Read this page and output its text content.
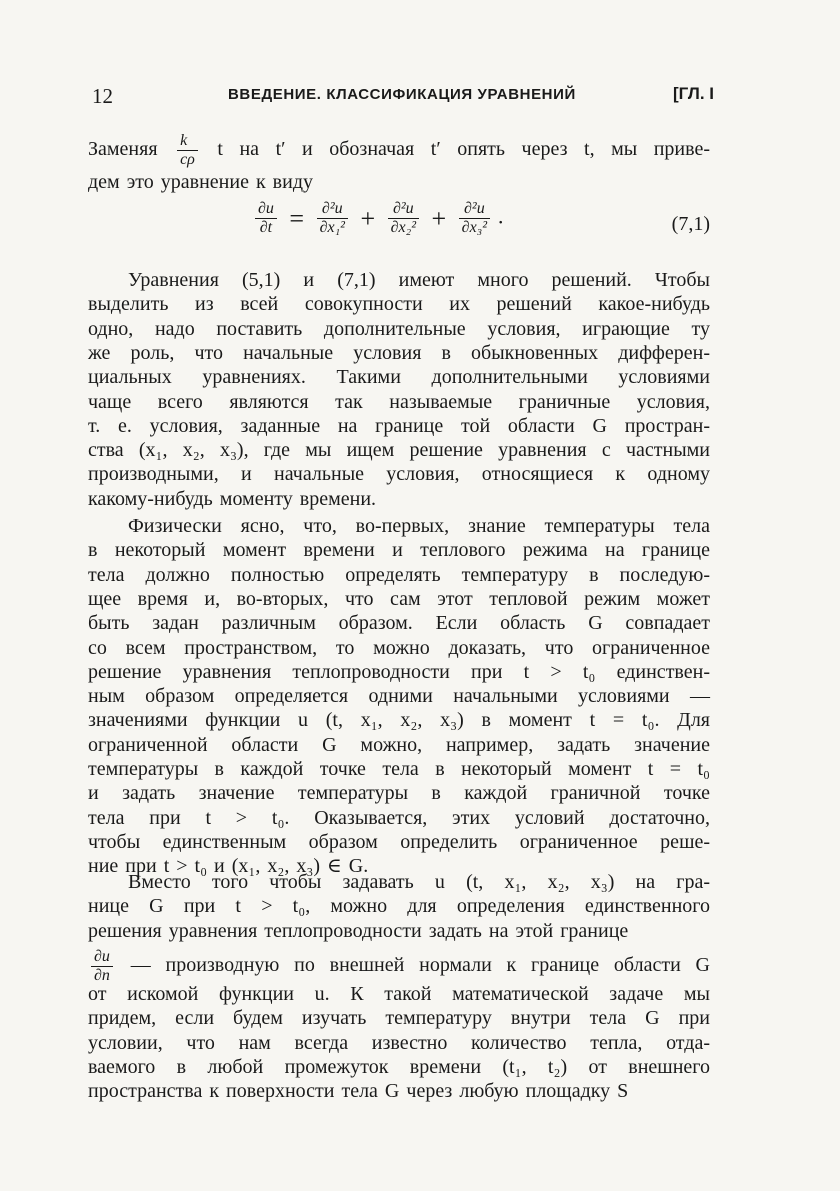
12	ВВЕДЕНИЕ. КЛАССИФИКАЦИЯ УРАВНЕНИЙ	[ГЛ. I
Заменяя $\frac{k}{c\rho}$ t на t′ и обозначая t′ опять через t, мы приве-
дем это уравнение к виду
$\frac{\partial u}{\partial t} = \frac{\text{∂²u}}{\text{∂x₁²}} + \frac{\text{∂²u}}{\text{∂x₂²}} + \frac{\text{∂²u}}{\text{∂x₃²}}$ .	(7,1)
Уравнения (5,1) и (7,1) имеют много решений. Чтобы
выделить из всей совокупности их решений какое-нибудь
одно, надо поставить дополнительные условия, играющие ту
же роль, что начальные условия в обыкновенных дифферен-
циальных уравнениях. Такими дополнительными условиями
чаще всего являются так называемые граничные условия,
т. е. условия, заданные на границе той области G простран-
ства (x₁, x₂, x₃), где мы ищем решение уравнения с частными
производными, и начальные условия, относящиеся к одному
какому-нибудь моменту времени.
Физически ясно, что, во-первых, знание температуры тела
в некоторый момент времени и теплового режима на границе
тела должно полностью определять температуру в последую-
щее время и, во-вторых, что сам этот тепловой режим может
быть задан различным образом. Если область G совпадает
со всем пространством, то можно доказать, что ограниченное
решение уравнения теплопроводности при t > t₀ единствен-
ным образом определяется одними начальными условиями —
значениями функции u (t, x₁, x₂, x₃) в момент t = t₀. Для
ограниченной области G можно, например, задать значение
температуры в каждой точке тела в некоторый момент t = t₀
и задать значение температуры в каждой граничной точке
тела при t > t₀. Оказывается, этих условий достаточно,
чтобы единственным образом определить ограниченное реше-
ние при t > t₀ и (x₁, x₂, x₃) ∈ G.
Вместо того чтобы задавать u (t, x₁, x₂, x₃) на гра-
нице G при t > t₀, можно для определения единственного
решения уравнения теплопроводности задать на этой границе
$\frac{\partial u}{\partial n}$ — производную по внешней нормали к границе области G
от искомой функции u. К такой математической задаче мы
придем, если будем изучать температуру внутри тела G при
условии, что нам всегда известно количество тепла, отда-
ваемого в любой промежуток времени (t₁, t₂) от внешнего
пространства к поверхности тела G через любую площадку S
